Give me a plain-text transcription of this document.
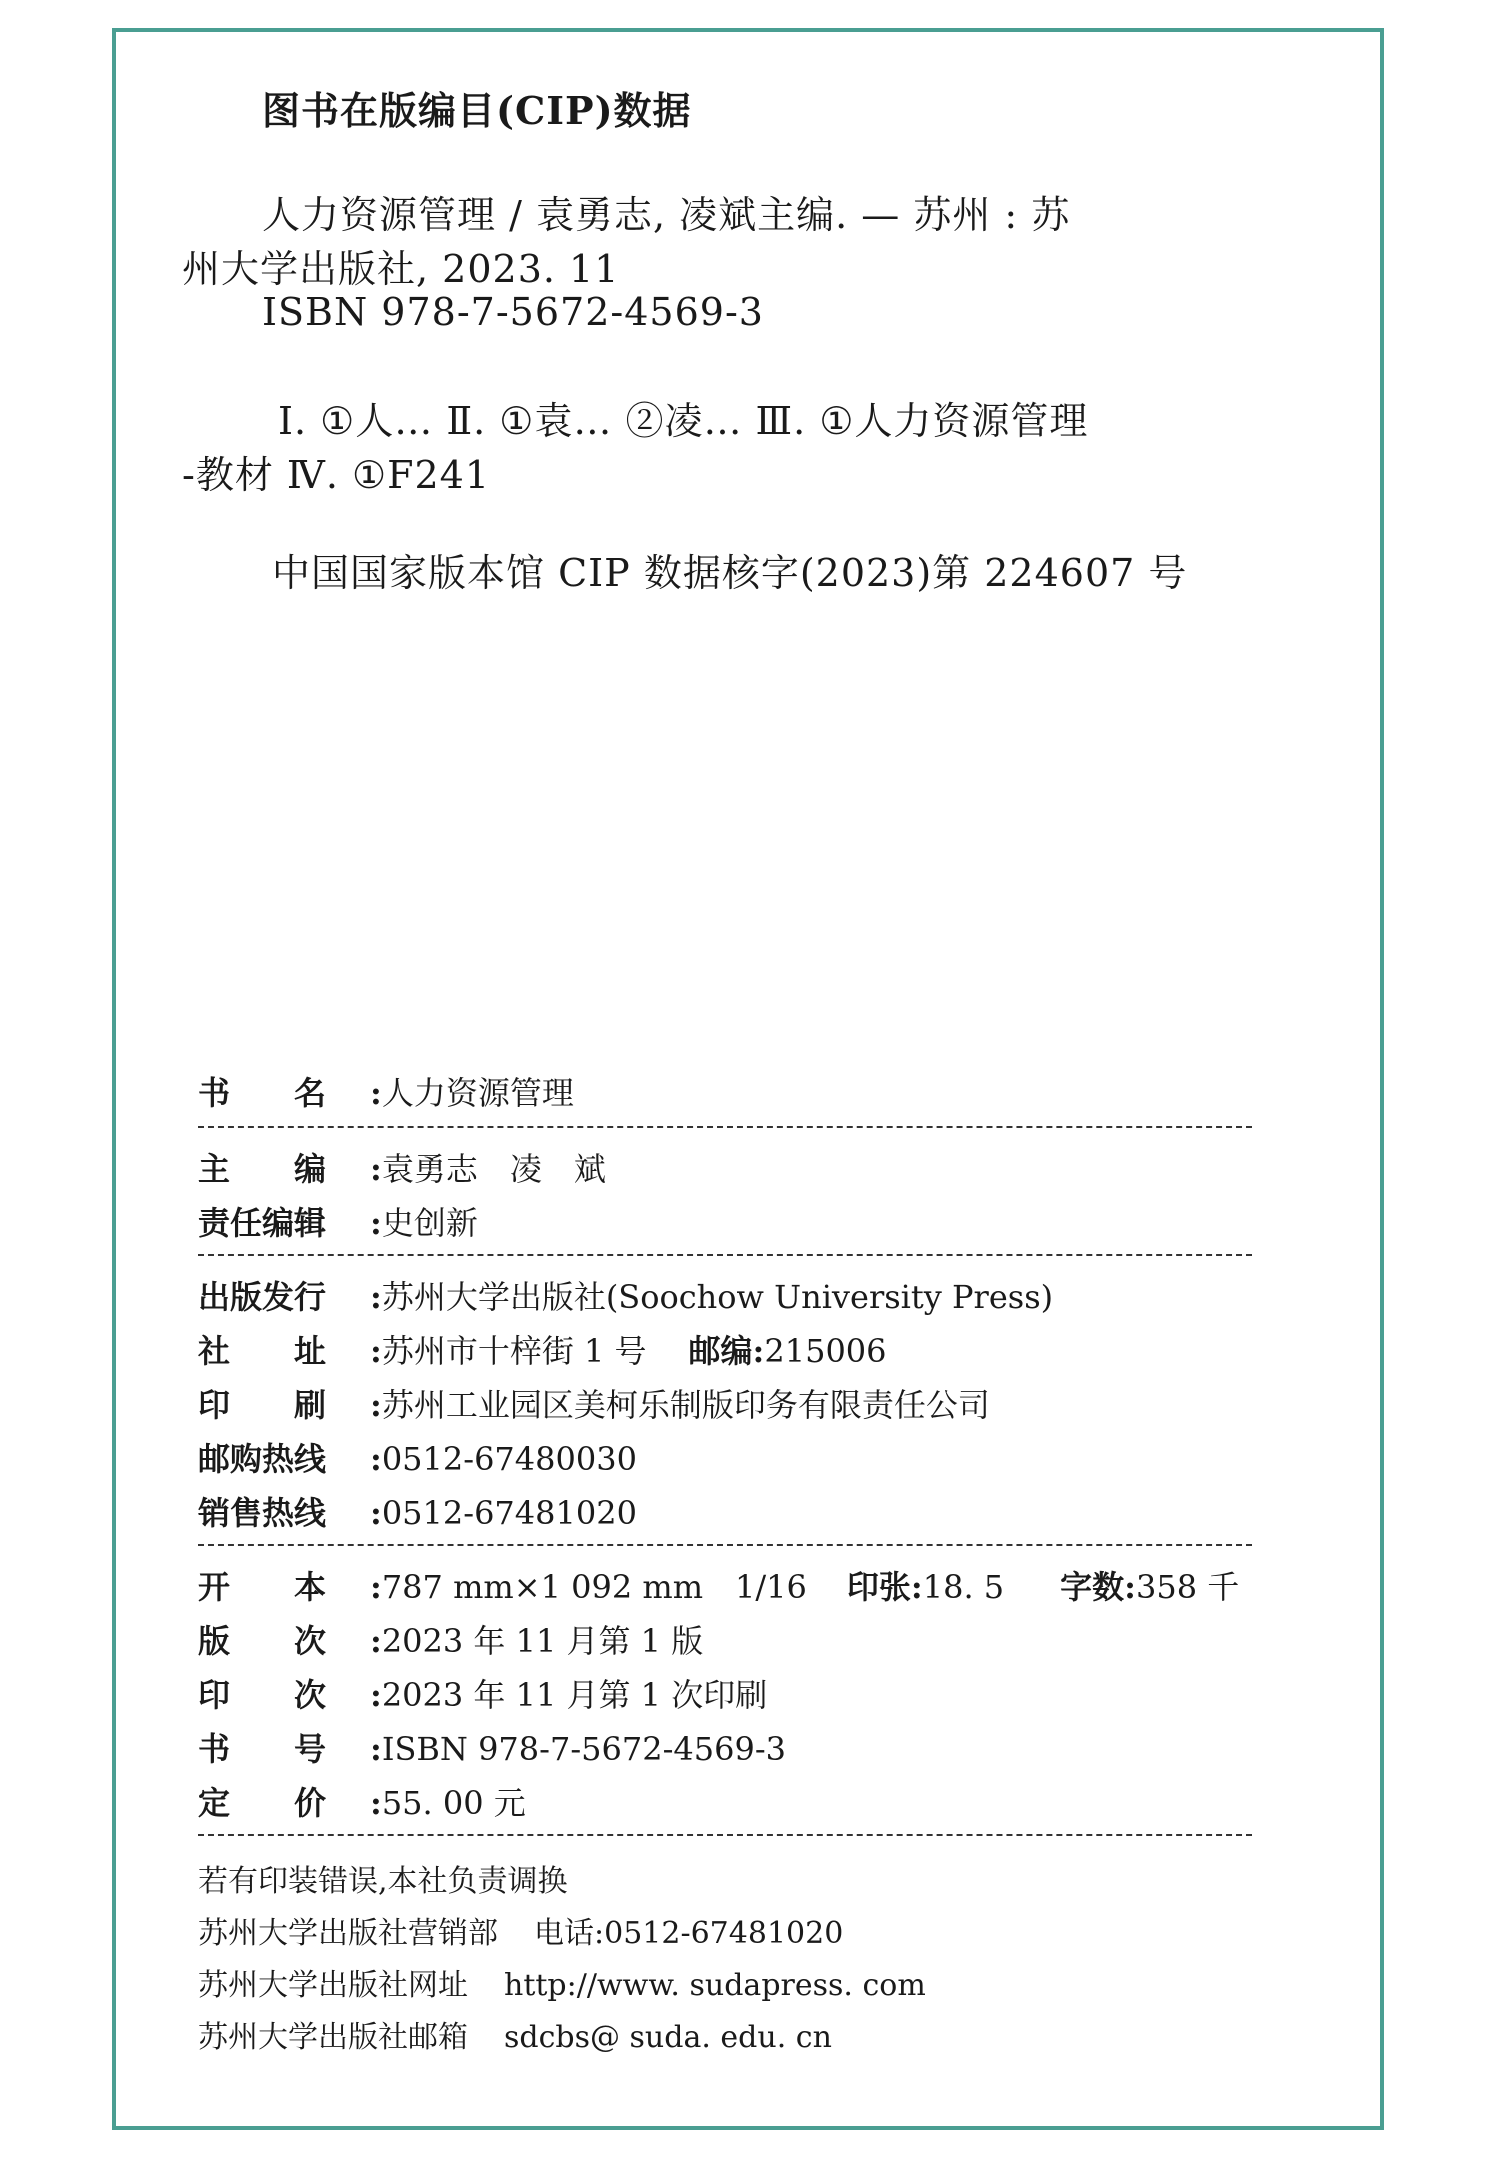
图书在版编目(CIP)数据
人力资源管理 / 袁勇志, 凌斌主编. — 苏州 : 苏
州大学出版社, 2023. 11
ISBN 978-7-5672-4569-3
Ⅰ. ①人… Ⅱ. ①袁… ②凌… Ⅲ. ①人力资源管理
-教材 Ⅳ. ①F241
中国国家版本馆 CIP 数据核字(2023)第 224607 号
书　　名 :人力资源管理
主　　编 :袁勇志　凌　斌
责任编辑 :史创新
出版发行 :苏州大学出版社(Soochow University Press)
社　　址 :苏州市十梓街 1 号 邮编:215006
印　　刷 :苏州工业园区美柯乐制版印务有限责任公司
邮购热线 :0512-67480030
销售热线 :0512-67481020
开　　本 :787 mm×1 092 mm　1/16 印张:18. 5 字数:358 千
版　　次 :2023 年 11 月第 1 版
印　　次 :2023 年 11 月第 1 次印刷
书　　号 :ISBN 978-7-5672-4569-3
定　　价 :55. 00 元
若有印装错误,本社负责调换
苏州大学出版社营销部 电话:0512-67481020
苏州大学出版社网址 http://www. sudapress. com
苏州大学出版社邮箱 sdcbs@ suda. edu. cn
